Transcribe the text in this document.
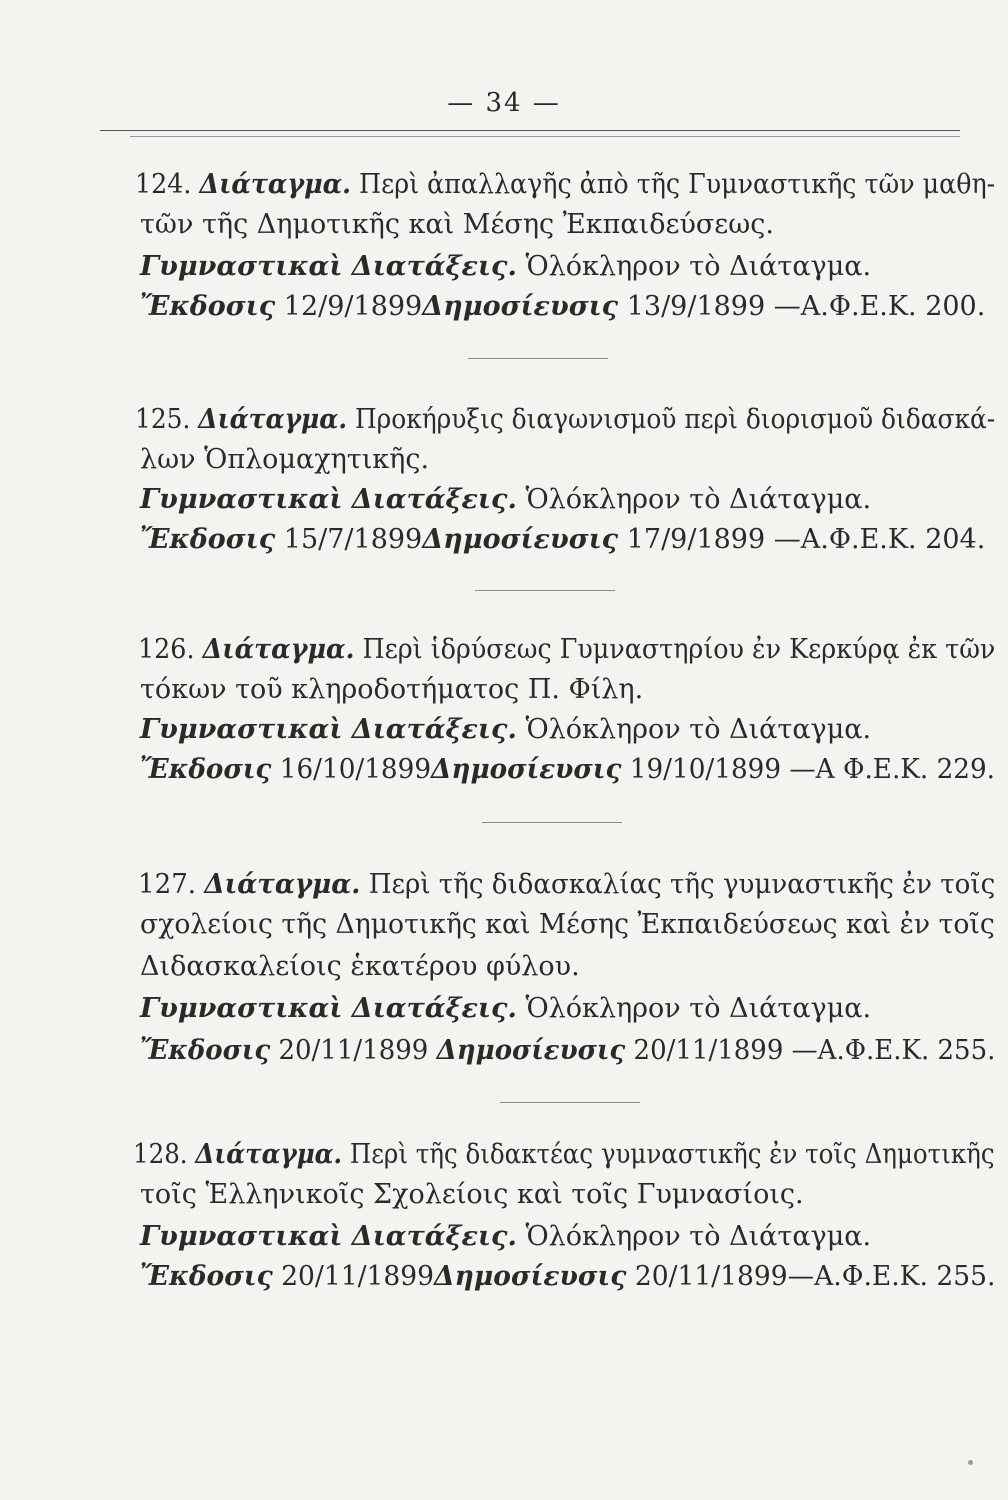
— 34 —
124. Διάταγμα. Περὶ ἀπαλλαγῆς ἀπὸ τῆς Γυμναστικῆς τῶν μαθη-
τῶν τῆς Δημοτικῆς καὶ Μέσης Ἐκπαιδεύσεως.
Γυμναστικαὶ Διατάξεις. Ὁλόκληρον τὸ Διάταγμα.
Ἔκδοσις 12/9/1899Δημοσίευσις 13/9/1899 —Α.Φ.Ε.Κ. 200.
125. Διάταγμα. Προκήρυξις διαγωνισμοῦ περὶ διορισμοῦ διδασκά-
λων Ὁπλομαχητικῆς.
Γυμναστικαὶ Διατάξεις. Ὁλόκληρον τὸ Διάταγμα.
Ἔκδοσις 15/7/1899Δημοσίευσις 17/9/1899 —Α.Φ.Ε.Κ. 204.
126. Διάταγμα. Περὶ ἱδρύσεως Γυμναστηρίου ἐν Κερκύρᾳ ἐκ τῶν
τόκων τοῦ κληροδοτήματος Π. Φίλη.
Γυμναστικαὶ Διατάξεις. Ὁλόκληρον τὸ Διάταγμα.
Ἔκδοσις 16/10/1899Δημοσίευσις 19/10/1899 —Α Φ.Ε.Κ. 229.
127. Διάταγμα. Περὶ τῆς διδασκαλίας τῆς γυμναστικῆς ἐν τοῖς
σχολείοις τῆς Δημοτικῆς καὶ Μέσης Ἐκπαιδεύσεως καὶ ἐν τοῖς
Διδασκαλείοις ἑκατέρου φύλου.
Γυμναστικαὶ Διατάξεις. Ὁλόκληρον τὸ Διάταγμα.
Ἔκδοσις 20/11/1899 Δημοσίευσις 20/11/1899 —Α.Φ.Ε.Κ. 255.
128. Διάταγμα. Περὶ τῆς διδακτέας γυμναστικῆς ἐν τοῖς Δημοτικῆς
τοῖς Ἑλληνικοῖς Σχολείοις καὶ τοῖς Γυμνασίοις.
Γυμναστικαὶ Διατάξεις. Ὁλόκληρον τὸ Διάταγμα.
Ἔκδοσις 20/11/1899Δημοσίευσις 20/11/1899—Α.Φ.Ε.Κ. 255.
